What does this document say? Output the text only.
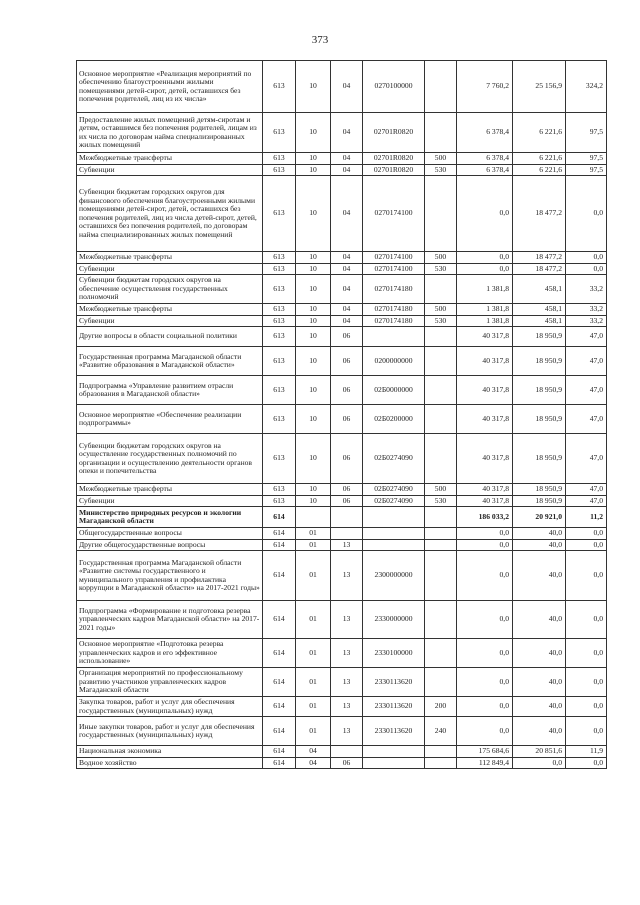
373
Основное мероприятие «Реализация мероприятий по обеспечению благоустроенными жилыми помещениями детей-сирот, детей, оставшихся без попечения родителей, лиц из их числа»	613	10	04	0270100000		7 760,2	25 156,9	324,2
Предоставление жилых помещений детям-сиротам и детям, оставшимся без попечения родителей, лицам из их числа по договорам найма специализированных жилых помещений	613	10	04	02701R0820		6 378,4	6 221,6	97,5
Межбюджетные трансферты	613	10	04	02701R0820	500	6 378,4	6 221,6	97,5
Субвенции	613	10	04	02701R0820	530	6 378,4	6 221,6	97,5
Субвенции бюджетам городских округов для финансового обеспечения благоустроенными жилыми помещениями детей-сирот, детей, оставшихся без попечения родителей, лиц из числа детей-сирот, детей, оставшихся без попечения родителей, по договорам найма специализированных жилых помещений	613	10	04	0270174100		0,0	18 477,2	0,0
Межбюджетные трансферты	613	10	04	0270174100	500	0,0	18 477,2	0,0
Субвенции	613	10	04	0270174100	530	0,0	18 477,2	0,0
Субвенции бюджетам городских округов на обеспечение осуществления государственных полномочий	613	10	04	0270174180		1 381,8	458,1	33,2
Межбюджетные трансферты	613	10	04	0270174180	500	1 381,8	458,1	33,2
Субвенции	613	10	04	0270174180	530	1 381,8	458,1	33,2
Другие вопросы в области социальной политики	613	10	06			40 317,8	18 950,9	47,0
Государственная программа Магаданской области «Развитие образования в Магаданской области»	613	10	06	0200000000		40 317,8	18 950,9	47,0
Подпрограмма «Управление развитием отрасли образования в Магаданской области»	613	10	06	02Б0000000		40 317,8	18 950,9	47,0
Основное мероприятие «Обеспечение реализации подпрограммы»	613	10	06	02Б0200000		40 317,8	18 950,9	47,0
Субвенции бюджетам городских округов на осуществление государственных полномочий по организации и осуществлению деятельности органов опеки и попечительства	613	10	06	02Б0274090		40 317,8	18 950,9	47,0
Межбюджетные трансферты	613	10	06	02Б0274090	500	40 317,8	18 950,9	47,0
Субвенции	613	10	06	02Б0274090	530	40 317,8	18 950,9	47,0
Министерство природных ресурсов и экологии Магаданской области	614					186 033,2	20 921,0	11,2
Общегосударственные вопросы	614	01				0,0	40,0	0,0
Другие общегосударственные вопросы	614	01	13			0,0	40,0	0,0
Государственная программа Магаданской области «Развитие системы государственного и муниципального управления и профилактика коррупции в Магаданской области» на 2017-2021 годы»	614	01	13	2300000000		0,0	40,0	0,0
Подпрограмма «Формирование и подготовка резерва управленческих кадров Магаданской области» на 2017-2021 годы»	614	01	13	2330000000		0,0	40,0	0,0
Основное мероприятие «Подготовка резерва управленческих кадров и его эффективное использование»	614	01	13	2330100000		0,0	40,0	0,0
Организация мероприятий по профессиональному развитию участников управленческих кадров Магаданской области	614	01	13	2330113620		0,0	40,0	0,0
Закупка товаров, работ и услуг для обеспечения государственных (муниципальных) нужд	614	01	13	2330113620	200	0,0	40,0	0,0
Иные закупки товаров, работ и услуг для обеспечения государственных (муниципальных) нужд	614	01	13	2330113620	240	0,0	40,0	0,0
Национальная экономика	614	04				175 684,6	20 851,6	11,9
Водное хозяйство	614	04	06			112 849,4	0,0	0,0
